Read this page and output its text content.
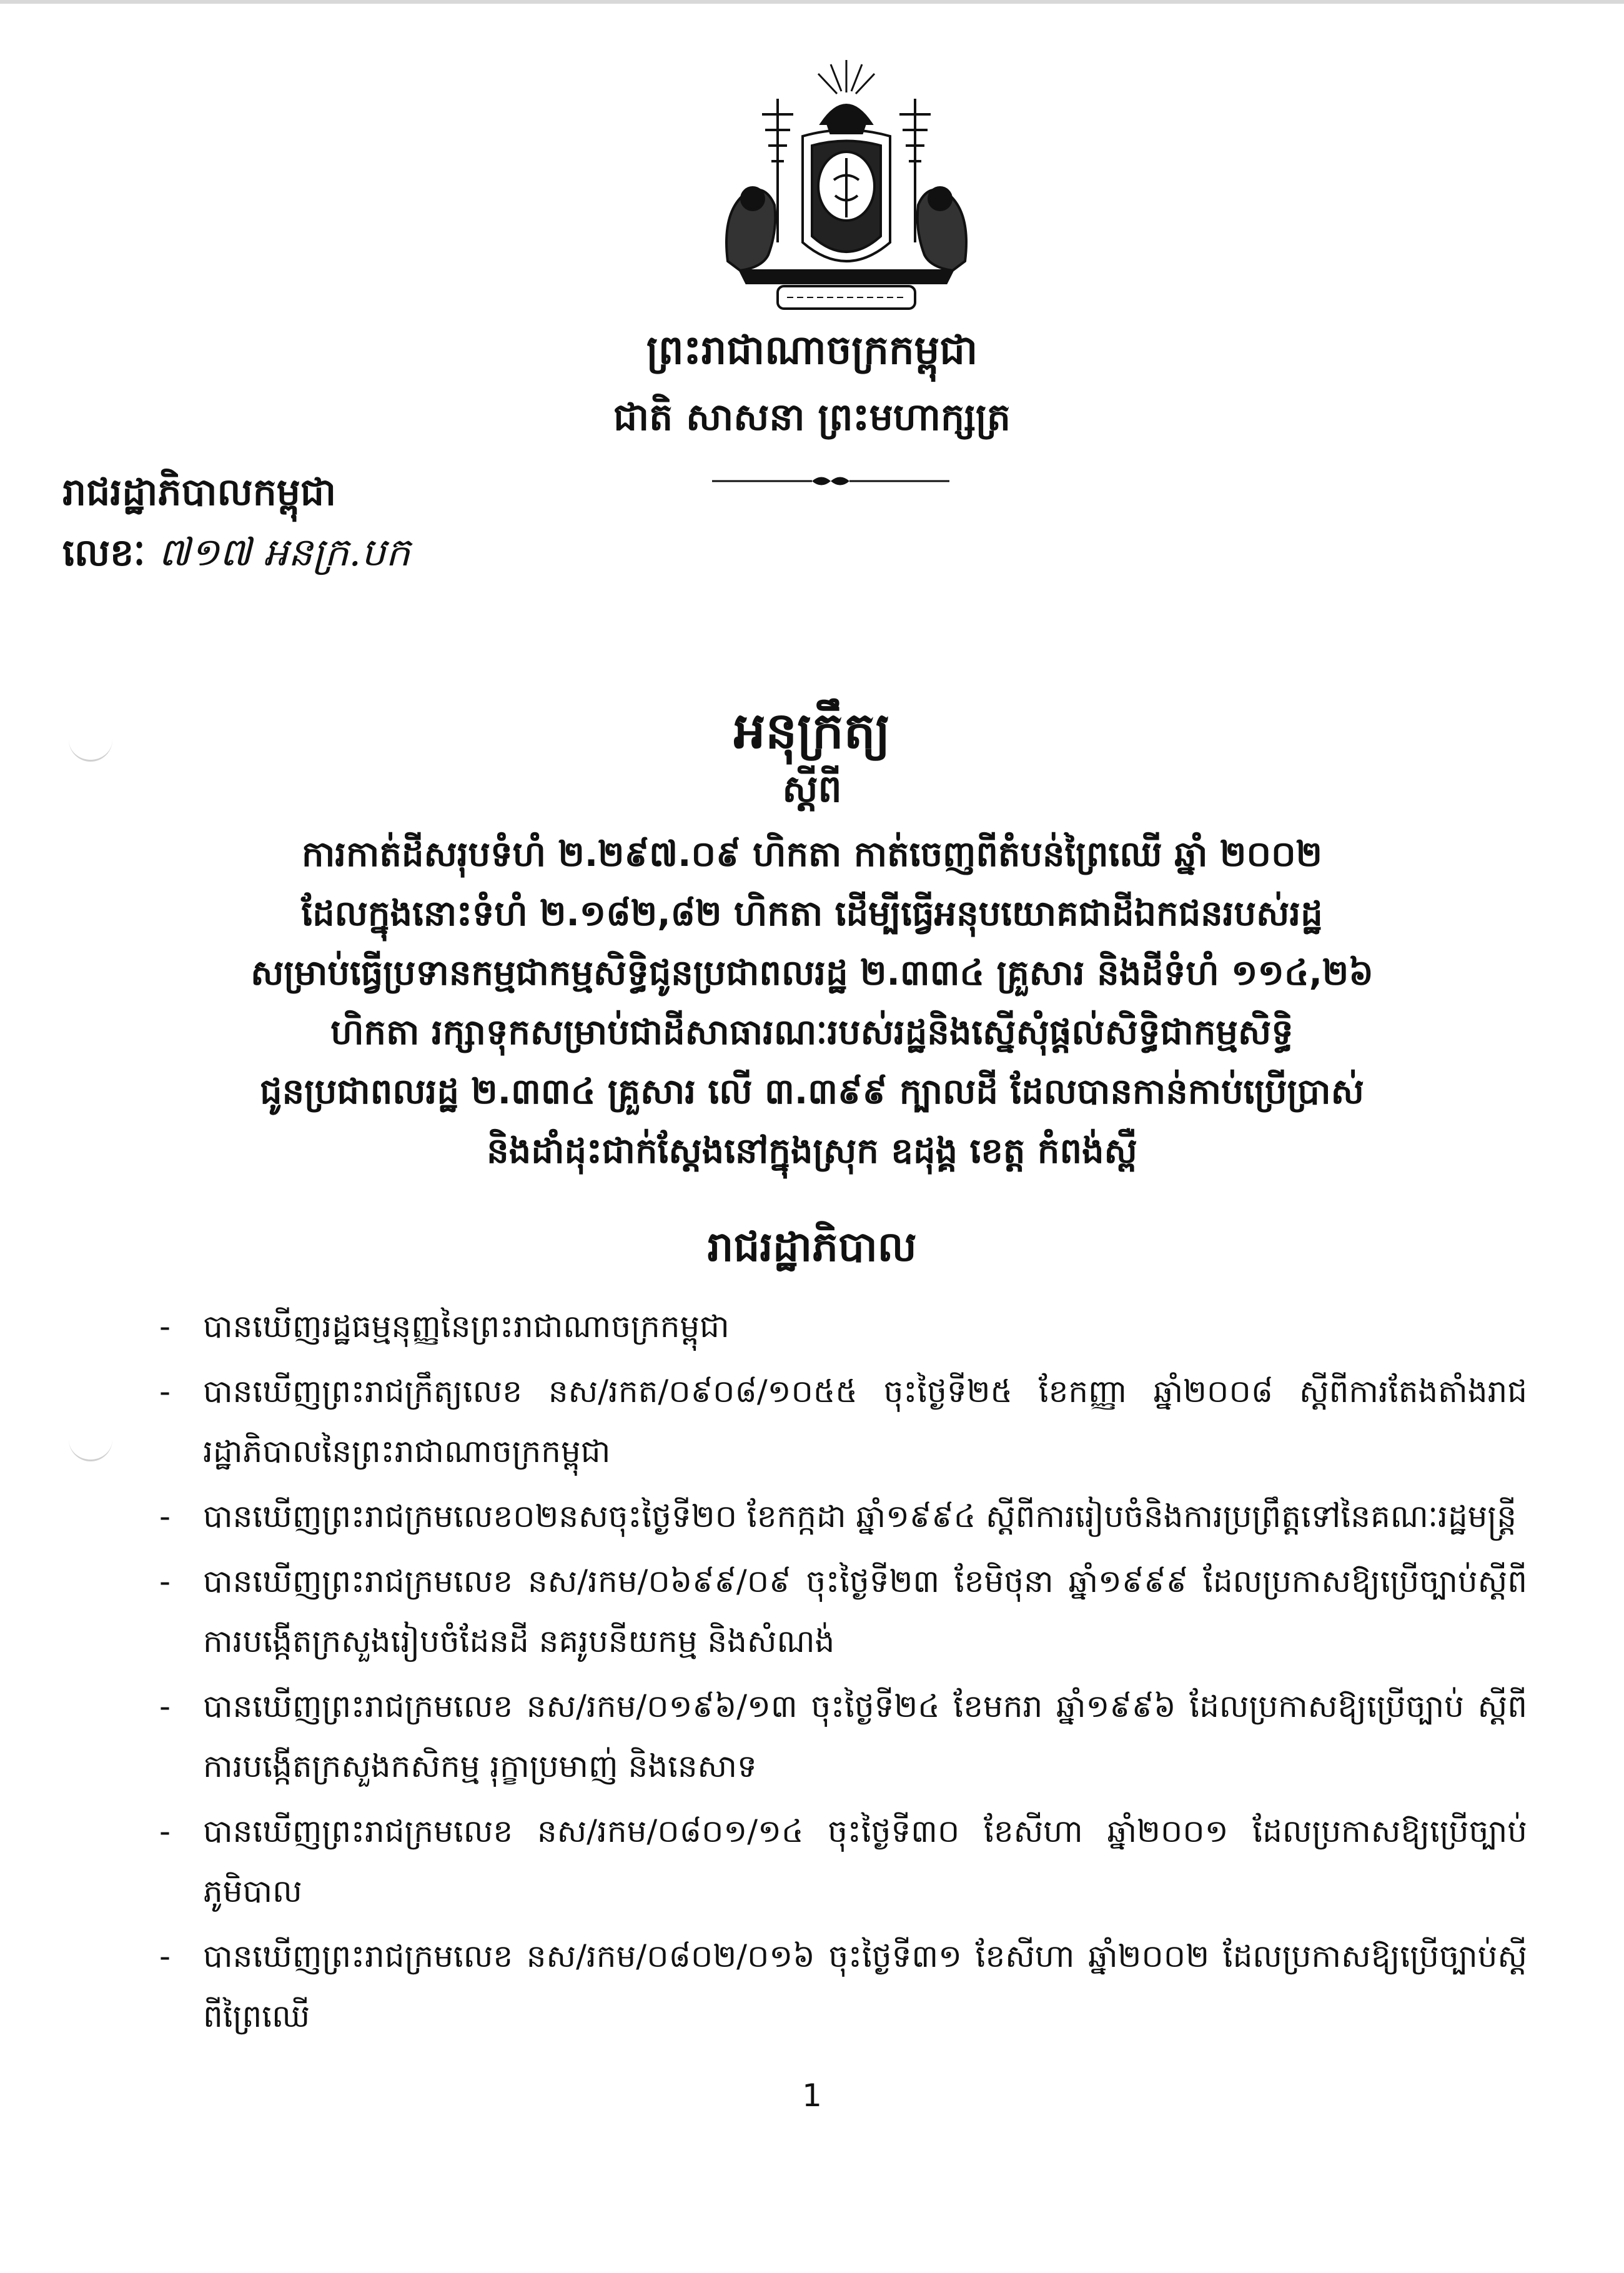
ព្រះរាជាណាចក្រកម្ពុជា
ជាតិ សាសនា ព្រះមហាក្សត្រ
រាជរដ្ឋាភិបាលកម្ពុជា
លេខៈ ៧១៧ អនក្រ.បក
អនុក្រឹត្យ
ស្ដីពី
ការកាត់ដីសរុបទំហំ ២.២៩៧.០៩ ហិកតា កាត់ចេញពីតំបន់ព្រៃឈើ ឆ្នាំ ២០០២
ដែលក្នុងនោះទំហំ ២.១៨២,៨២ ហិកតា ដើម្បីធ្វើអនុបយោគជាដីឯកជនរបស់រដ្ឋ
សម្រាប់ធ្វើប្រទានកម្មជាកម្មសិទ្ធិជូនប្រជាពលរដ្ឋ ២.៣៣៤ គ្រួសារ និងដីទំហំ ១១៤,២៦
ហិកតា រក្សាទុកសម្រាប់ជាដីសាធារណៈរបស់រដ្ឋនិងស្នើសុំផ្ដល់សិទ្ធិជាកម្មសិទ្ធិ
ជូនប្រជាពលរដ្ឋ ២.៣៣៤ គ្រួសារ លើ ៣.៣៩៩ ក្បាលដី ដែលបានកាន់កាប់ប្រើប្រាស់
និងដាំដុះជាក់ស្ដែងនៅក្នុងស្រុក ឧដុង្គ ខេត្ត កំពង់ស្ពឺ
រាជរដ្ឋាភិបាល
- បានឃើញរដ្ឋធម្មនុញ្ញនៃព្រះរាជាណាចក្រកម្ពុជា
- បានឃើញព្រះរាជក្រឹត្យលេខ នស/រកត/០៩០៨/១០៥៥ ចុះថ្ងៃទី២៥ ខែកញ្ញា ឆ្នាំ២០០៨ ស្ដីពីការតែងតាំងរាជរដ្ឋាភិបាលនៃព្រះរាជាណាចក្រកម្ពុជា
- បានឃើញព្រះរាជក្រមលេខ០២នសចុះថ្ងៃទី២០ ខែកក្កដា ឆ្នាំ១៩៩៤ ស្ដីពីការរៀបចំនិងការប្រព្រឹត្តទៅនៃគណៈរដ្ឋមន្ត្រី
- បានឃើញព្រះរាជក្រមលេខ នស/រកម/០៦៩៩/០៩ ចុះថ្ងៃទី២៣ ខែមិថុនា ឆ្នាំ១៩៩៩ ដែលប្រកាសឱ្យប្រើច្បាប់ស្ដីពីការបង្កើតក្រសួងរៀបចំដែនដី នគរូបនីយកម្ម និងសំណង់
- បានឃើញព្រះរាជក្រមលេខ នស/រកម/០១៩៦/១៣ ចុះថ្ងៃទី២៤ ខែមករា ឆ្នាំ១៩៩៦ ដែលប្រកាសឱ្យប្រើច្បាប់ ស្ដីពីការបង្កើតក្រសួងកសិកម្ម រុក្ខាប្រមាញ់ និងនេសាទ
- បានឃើញព្រះរាជក្រមលេខ នស/រកម/០៨០១/១៤ ចុះថ្ងៃទី៣០ ខែសីហា ឆ្នាំ២០០១ ដែលប្រកាសឱ្យប្រើច្បាប់ភូមិបាល
- បានឃើញព្រះរាជក្រមលេខ នស/រកម/០៨០២/០១៦ ចុះថ្ងៃទី៣១ ខែសីហា ឆ្នាំ២០០២ ដែលប្រកាសឱ្យប្រើច្បាប់ស្ដីពីព្រៃឈើ
1
